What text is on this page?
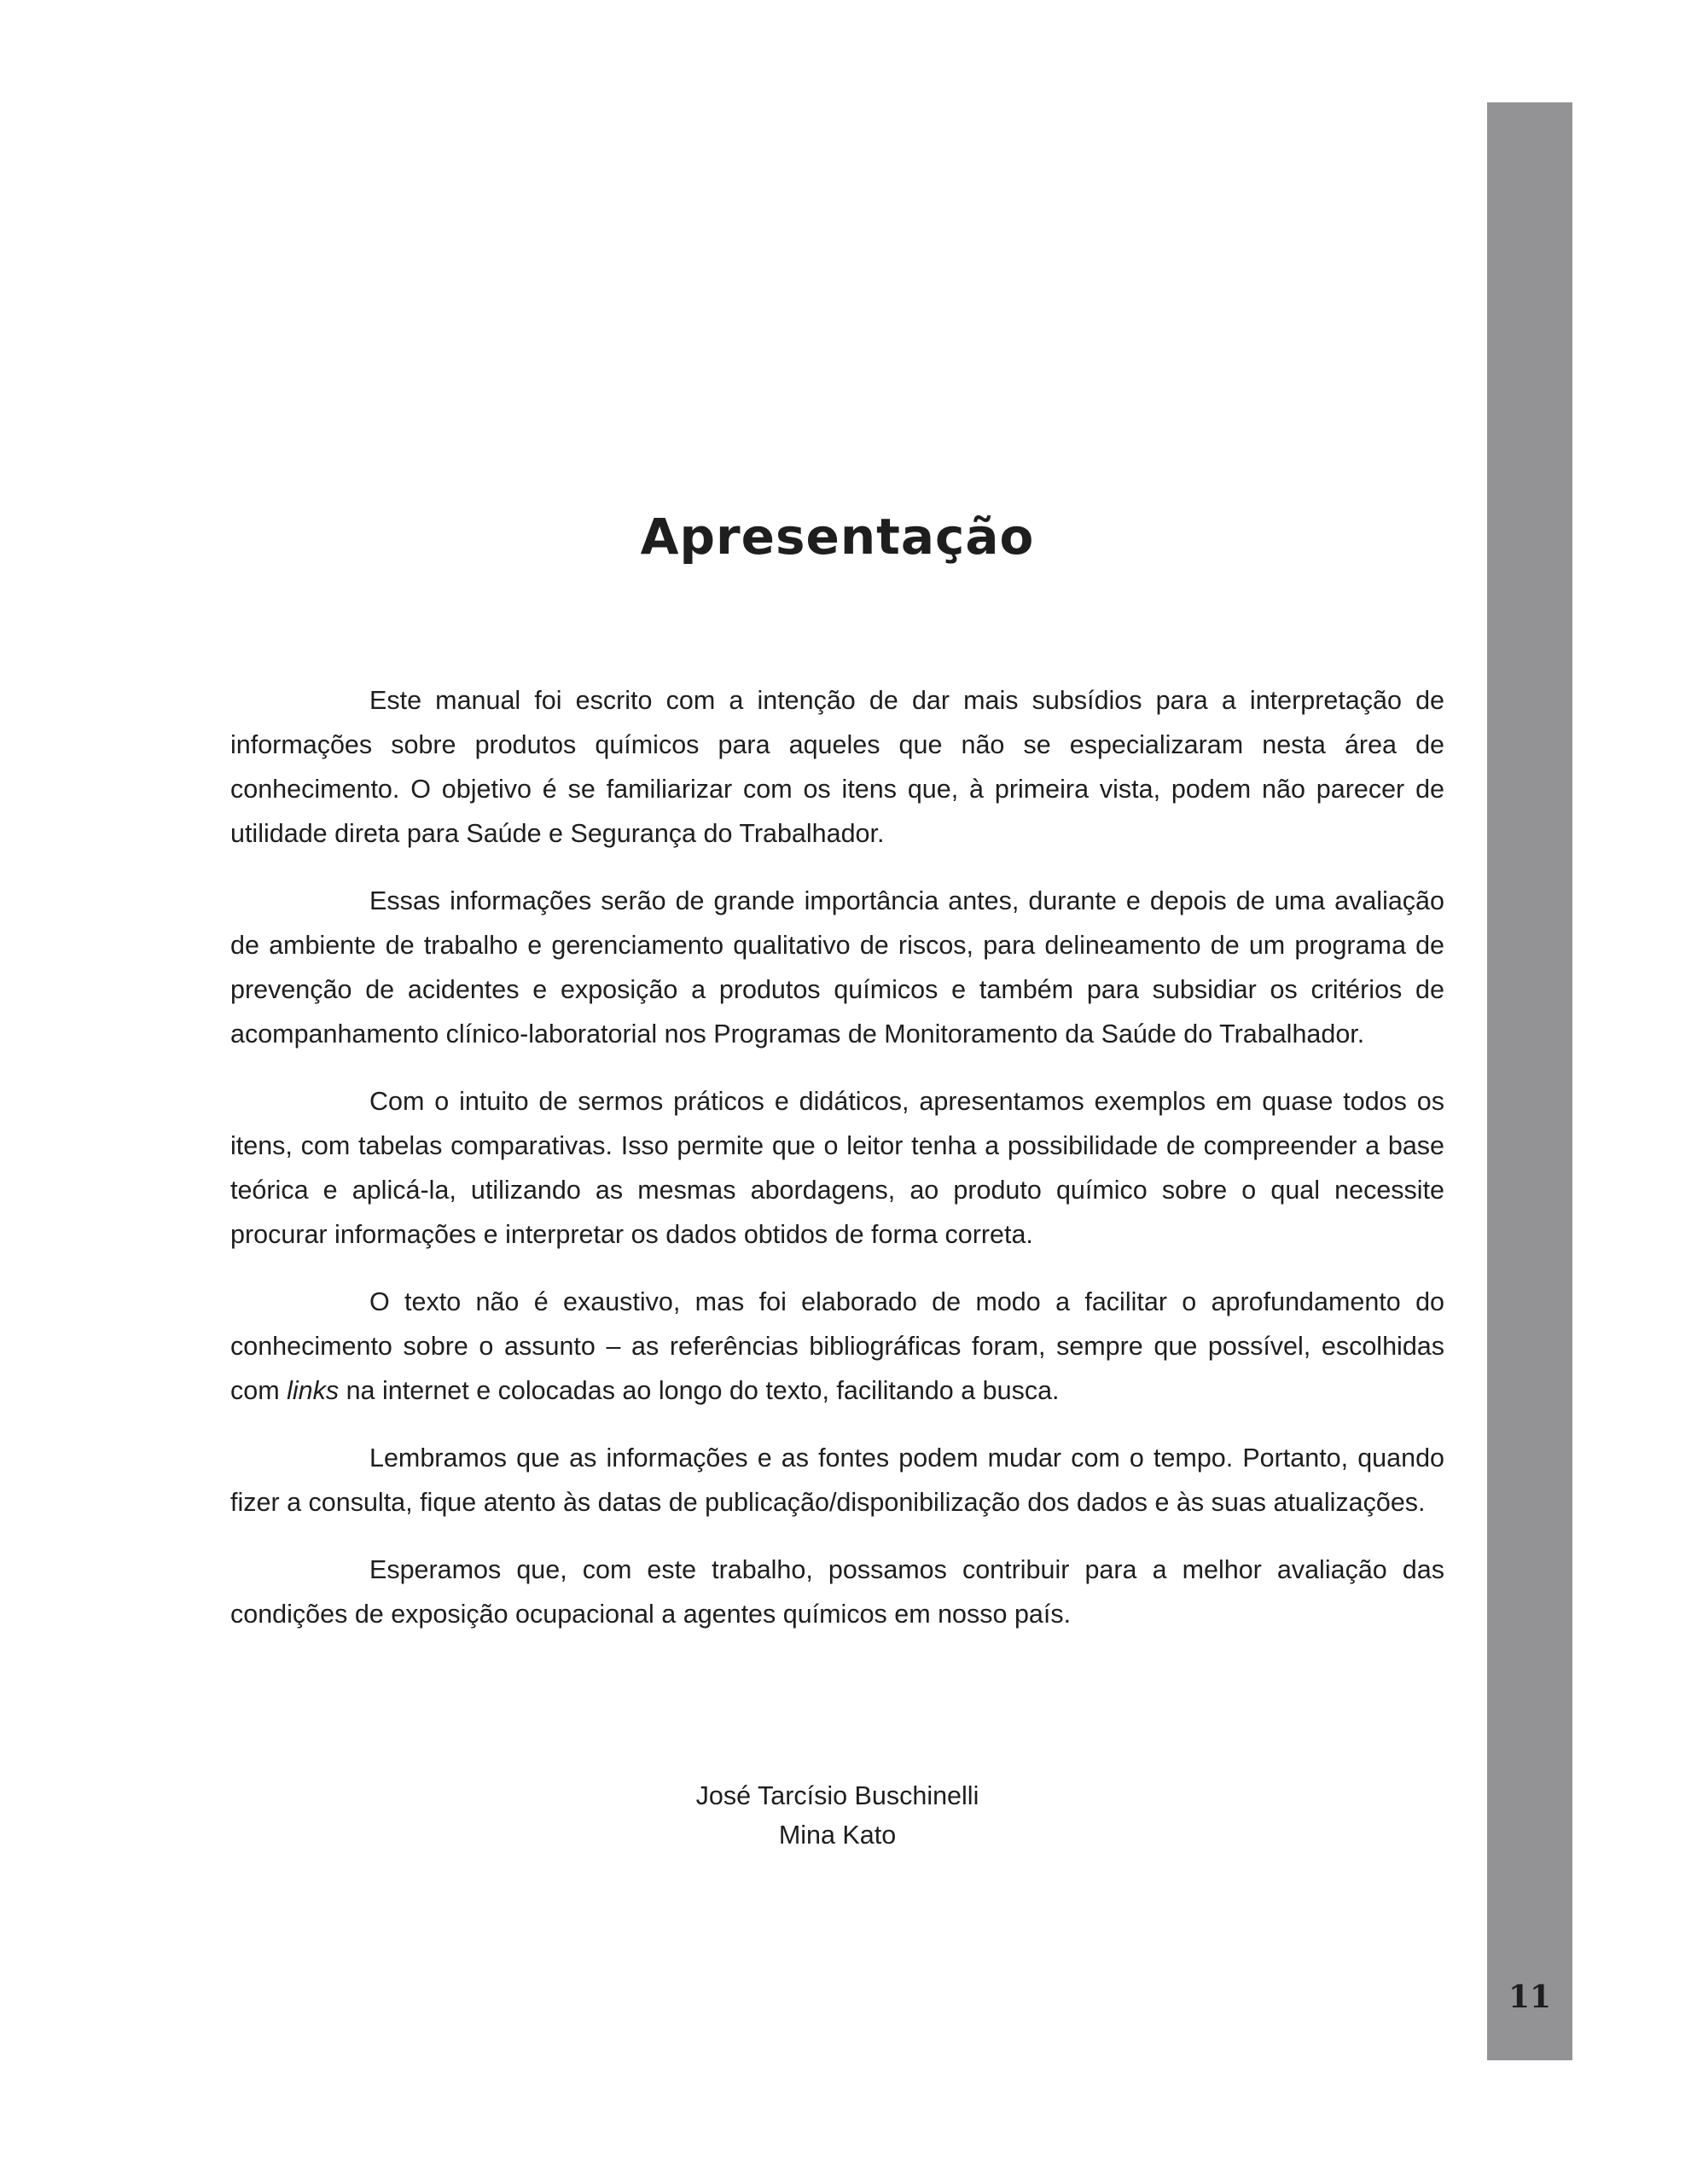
11
Apresentação

Este manual foi escrito com a intenção de dar mais subsídios para a interpretação de informações sobre produtos químicos para aqueles que não se especializaram nesta área de conhecimento. O objetivo é se familiarizar com os itens que, à primeira vista, podem não parecer de utilidade direta para Saúde e Segurança do Trabalhador.

Essas informações serão de grande importância antes, durante e depois de uma avaliação de ambiente de trabalho e gerenciamento qualitativo de riscos, para delineamento de um programa de prevenção de acidentes e exposição a produtos químicos e também para subsidiar os critérios de acompanhamento clínico-laboratorial nos Programas de Monitoramento da Saúde do Trabalhador.

Com o intuito de sermos práticos e didáticos, apresentamos exemplos em quase todos os itens, com tabelas comparativas. Isso permite que o leitor tenha a possibilidade de compreender a base teórica e aplicá-la, utilizando as mesmas abordagens, ao produto químico sobre o qual necessite procurar informações e interpretar os dados obtidos de forma correta.

O texto não é exaustivo, mas foi elaborado de modo a facilitar o aprofundamento do conhecimento sobre o assunto – as referências bibliográficas foram, sempre que possível, escolhidas com links na internet e colocadas ao longo do texto, facilitando a busca.

Lembramos que as informações e as fontes podem mudar com o tempo. Portanto, quando fizer a consulta, fique atento às datas de publicação/disponibilização dos dados e às suas atualizações.

Esperamos que, com este trabalho, possamos contribuir para a melhor avaliação das condições de exposição ocupacional a agentes químicos em nosso país.

José Tarcísio Buschinelli
Mina Kato
